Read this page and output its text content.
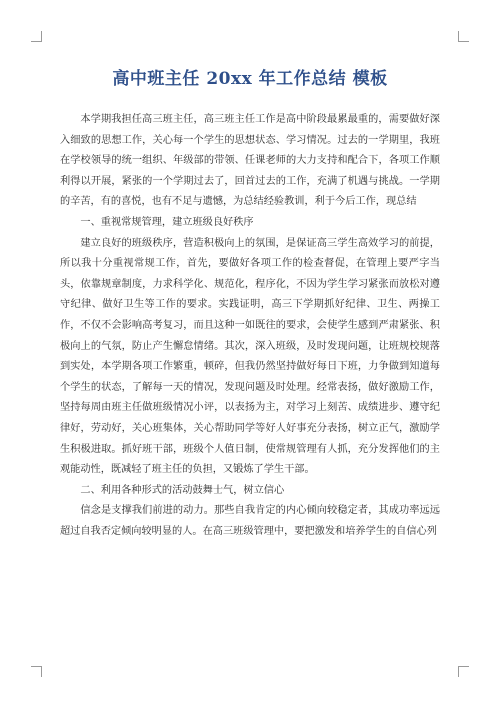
高中班主任 20xx 年工作总结 模板

本学期我担任高三班主任，高三班主任工作是高中阶段最累最重的，需要做好深入细致的思想工作，关心每一个学生的思想状态、学习情况。过去的一学期里，我班在学校领导的统一组织、年级部的带领、任课老师的大力支持和配合下，各项工作顺利得以开展，紧张的一个学期过去了，回首过去的工作，充满了机遇与挑战。一学期的辛苦，有的喜悦，也有不足与遗憾，为总结经验教训，利于今后工作，现总结

一、重视常规管理，建立班级良好秩序

建立良好的班级秩序，营造积极向上的氛围，是保证高三学生高效学习的前提，所以我十分重视常规工作，首先，要做好各项工作的检查督促，在管理上要严字当头，依靠规章制度，力求科学化、规范化，程序化，不因为学生学习紧张而放松对遵守纪律、做好卫生等工作的要求。实践证明，高三下学期抓好纪律、卫生、两操工作，不仅不会影响高考复习，而且这种一如既往的要求，会使学生感到严肃紧张、积极向上的气氛，防止产生懈怠情绪。其次，深入班级，及时发现问题，让班规校规落到实处，本学期各项工作繁重，顿碎，但我仍然坚持做好每日下班，力争做到知道每个学生的状态，了解每一天的情况，发现问题及时处理。经常表扬，做好激励工作，坚持每周由班主任做班级情况小评，以表扬为主，对学习上刻苦、成绩进步、遵守纪律好，劳动好，关心班集体，关心帮助同学等好人好事充分表扬，树立正气，激励学生积极进取。抓好班干部，班级个人值日制，使常规管理有人抓，充分发挥他们的主观能动性，既减轻了班主任的负担，又锻炼了学生干部。

二、利用各种形式的活动鼓舞士气，树立信心

信念是支撑我们前进的动力。那些自我肯定的内心倾向较稳定者，其成功率远远超过自我否定倾向较明显的人。在高三班级管理中，要把激发和培养学生的自信心列
